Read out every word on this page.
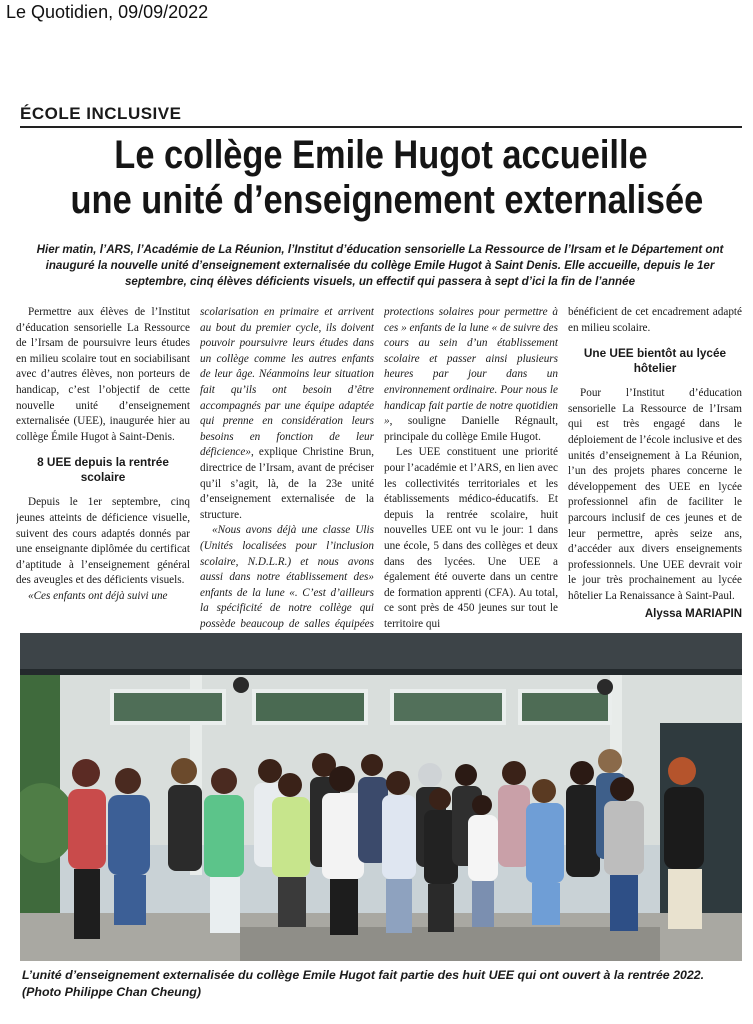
Le Quotidien, 09/09/2022
ÉCOLE INCLUSIVE
Le collège Emile Hugot accueille
une unité d’enseignement externalisée
Hier matin, l’ARS, l’Académie de La Réunion, l’Institut d’éducation sensorielle La Ressource de l’Irsam et le Département ont inauguré la nouvelle unité d’enseignement externalisée du collège Emile Hugot à Saint Denis. Elle accueille, depuis le 1er septembre, cinq élèves déficients visuels, un effectif qui passera à sept d’ici la fin de l’année

Permettre aux élèves de l’Institut d’éducation sensorielle La Ressource de l’Irsam de poursuivre leurs études en milieu scolaire tout en sociabilisant avec d’autres élèves, non porteurs de handicap, c’est l’objectif de cette nouvelle unité d’enseignement externalisée (UEE), inaugurée hier au collège Émile Hugot à Saint-Denis.

8 UEE depuis la rentrée scolaire

Depuis le 1er septembre, cinq jeunes atteints de déficience visuelle, suivent des cours adaptés donnés par une enseignante diplômée du certificat d’aptitude à l’enseignement général des aveugles et des déficients visuels.

«Ces enfants ont déjà suivi une

scolarisation en primaire et arrivent au bout du premier cycle, ils doivent pouvoir poursuivre leurs études dans un collège comme les autres enfants de leur âge. Néanmoins leur situation fait qu’ils ont besoin d’être accompagnés par une équipe adaptée qui prenne en considération leurs besoins en fonction de leur déficience», explique Christine Brun, directrice de l’Irsam, avant de préciser qu’il s’agit, là, de la 23e unité d’enseignement externalisée de la structure.

«Nous avons déjà une classe Ulis (Unités localisées pour l’inclusion scolaire, N.D.L.R.) et nous avons aussi dans notre établissement des» enfants de la lune «. C’est d’ailleurs la spécificité de notre collège qui possède beaucoup de salles équipées

protections solaires pour permettre à ces » enfants de la lune « de suivre des cours au sein d’un établissement scolaire et passer ainsi plusieurs heures par jour dans un environnement ordinaire. Pour nous le handicap fait partie de notre quotidien », souligne Danielle Régnault, principale du collège Emile Hugot.

Les UEE constituent une priorité pour l’académie et l’ARS, en lien avec les collectivités territoriales et les établissements médico-éducatifs. Et depuis la rentrée scolaire, huit nouvelles UEE ont vu le jour: 1 dans une école, 5 dans des collèges et deux dans des lycées. Une UEE a également été ouverte dans un centre de formation apprenti (CFA). Au total, ce sont près de 450 jeunes sur tout le territoire qui

bénéficient de cet encadrement adapté en milieu scolaire.

Une UEE bientôt au lycée hôtelier

Pour l’Institut d’éducation sensorielle La Ressource de l’Irsam qui est très engagé dans le déploiement de l’école inclusive et des unités d’enseignement à La Réunion, l’un des projets phares concerne le développement des UEE en lycée professionnel afin de faciliter le parcours inclusif de ces jeunes et de leur permettre, après seize ans, d’accéder aux divers enseignements professionnels. Une UEE devrait voir le jour très prochainement au lycée hôtelier La Renaissance à Saint-Paul.

Alyssa MARIAPIN
L’unité d’enseignement externalisée du collège Emile Hugot fait partie des huit UEE qui ont ouvert à la rentrée 2022. (Photo Philippe Chan Cheung)
